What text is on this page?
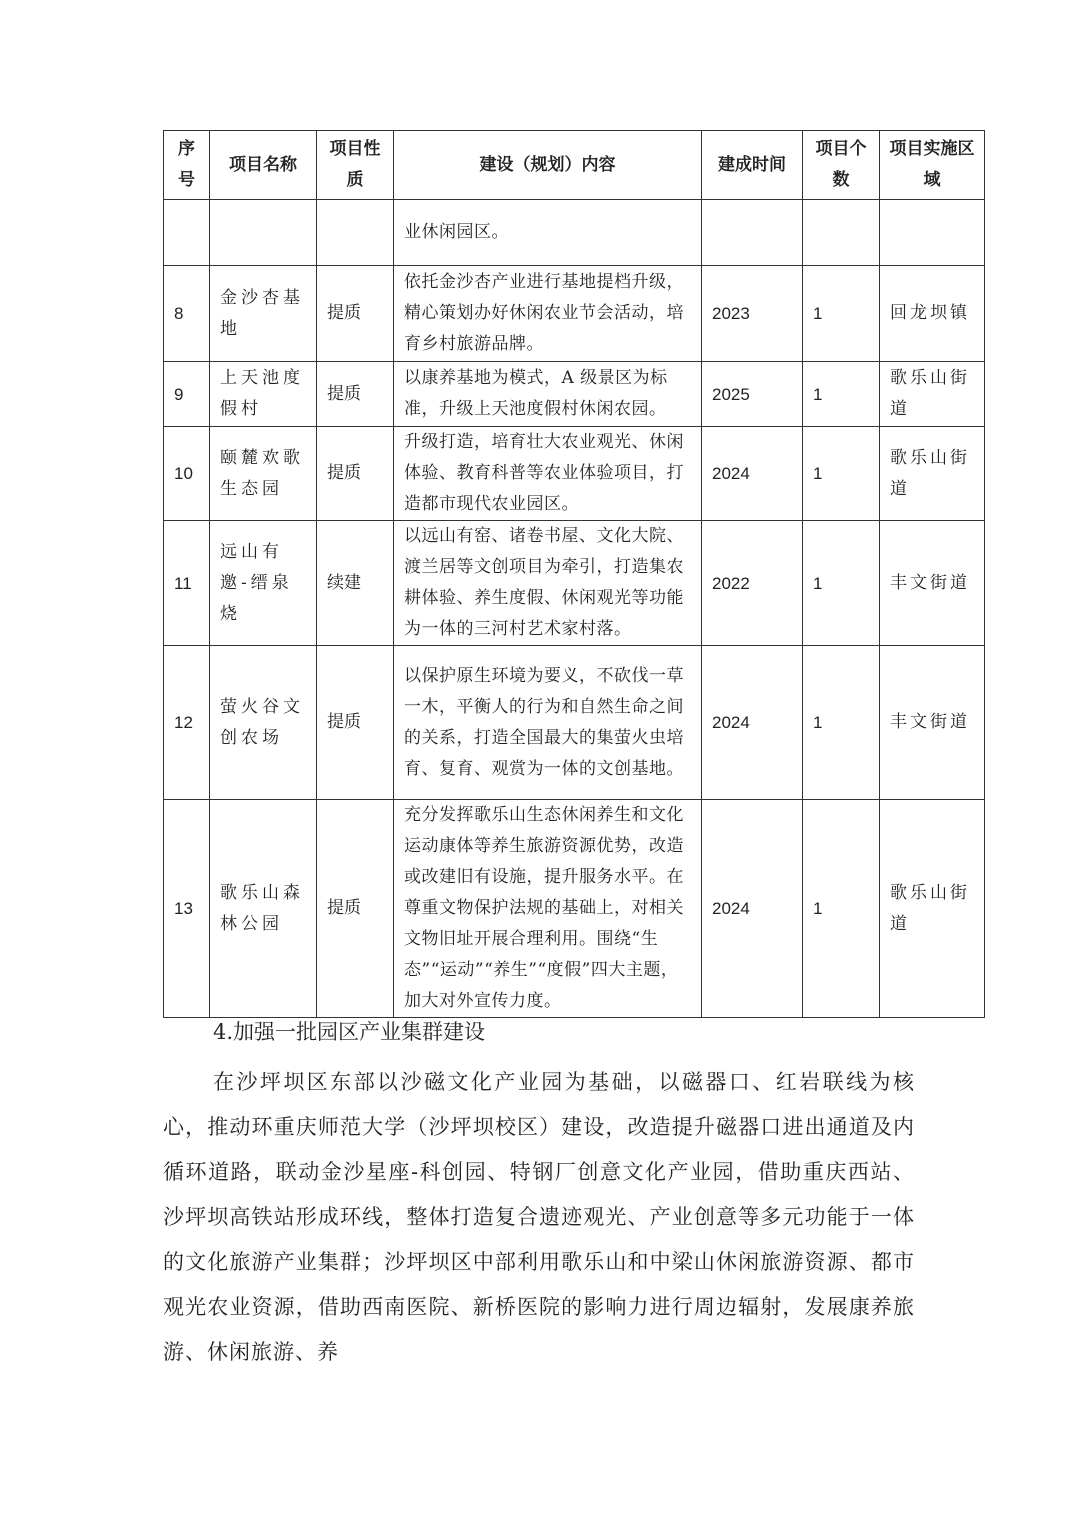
序号	项目名称	项目性质	建设（规划）内容	建成时间	项目个数	项目实施区域
			业休闲园区。			
8	金沙杏基地	提质	依托金沙杏产业进行基地提档升级，精心策划办好休闲农业节会活动，培育乡村旅游品牌。	2023	1	回龙坝镇
9	上天池度假村	提质	以康养基地为模式，A 级景区为标准，升级上天池度假村休闲农园。	2025	1	歌乐山街道
10	颐麓欢歌生态园	提质	升级打造，培育壮大农业观光、休闲体验、教育科普等农业体验项目，打造都市现代农业园区。	2024	1	歌乐山街道
11	远山有邀-缙泉烧	续建	以远山有窑、诸卷书屋、文化大院、渡兰居等文创项目为牵引，打造集农耕体验、养生度假、休闲观光等功能为一体的三河村艺术家村落。	2022	1	丰文街道
12	萤火谷文创农场	提质	以保护原生环境为要义，不砍伐一草一木，平衡人的行为和自然生命之间的关系，打造全国最大的集萤火虫培育、复育、观赏为一体的文创基地。	2024	1	丰文街道
13	歌乐山森林公园	提质	充分发挥歌乐山生态休闲养生和文化运动康体等养生旅游资源优势，改造或改建旧有设施，提升服务水平。在尊重文物保护法规的基础上，对相关文物旧址开展合理利用。围绕“生态”“运动”“养生”“度假”四大主题，加大对外宣传力度。	2024	1	歌乐山街道
4.加强一批园区产业集群建设

在沙坪坝区东部以沙磁文化产业园为基础，以磁器口、红岩联线为核心，推动环重庆师范大学（沙坪坝校区）建设，改造提升磁器口进出通道及内循环道路，联动金沙星座-科创园、特钢厂创意文化产业园，借助重庆西站、沙坪坝高铁站形成环线，整体打造复合遗迹观光、产业创意等多元功能于一体的文化旅游产业集群；沙坪坝区中部利用歌乐山和中梁山休闲旅游资源、都市观光农业资源，借助西南医院、新桥医院的影响力进行周边辐射，发展康养旅游、休闲旅游、养
